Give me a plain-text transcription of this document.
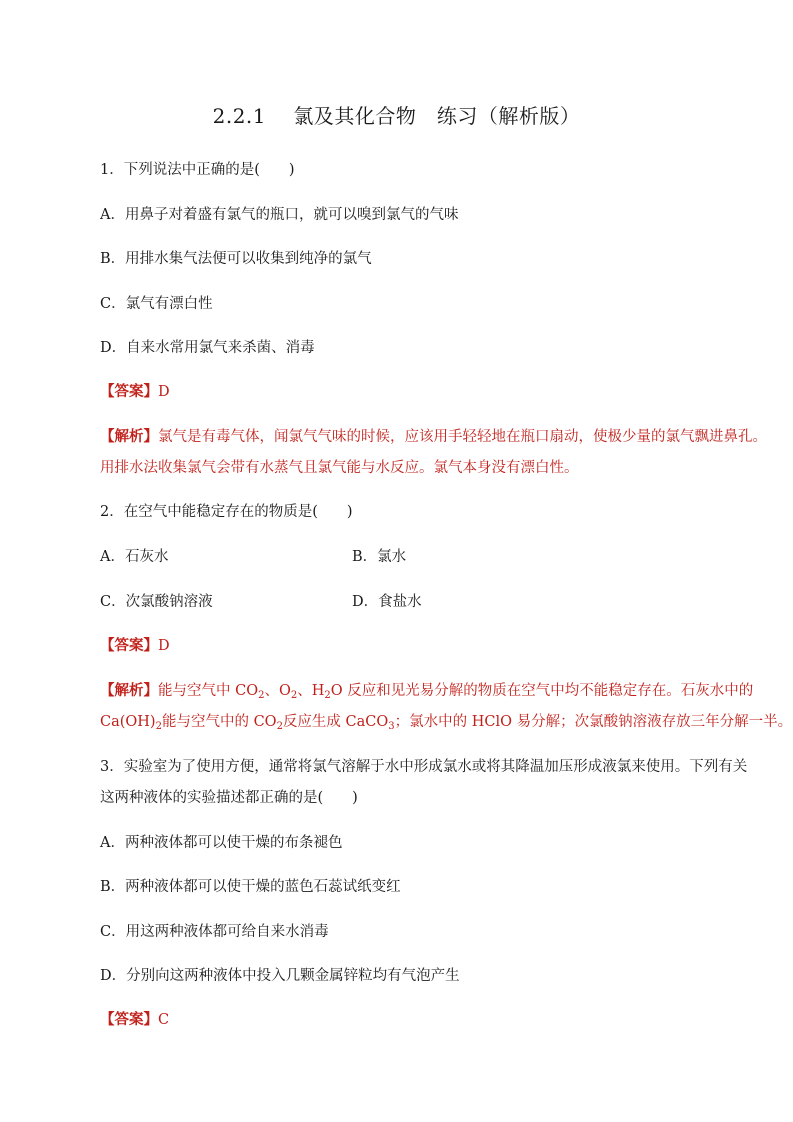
2.2.1　 氯及其化合物　练习（解析版）
1．下列说法中正确的是(　　)
A．用鼻子对着盛有氯气的瓶口，就可以嗅到氯气的气味
B．用排水集气法便可以收集到纯净的氯气
C．氯气有漂白性
D．自来水常用氯气来杀菌、消毒
【答案】D
【解析】氯气是有毒气体，闻氯气气味的时候，应该用手轻轻地在瓶口扇动，使极少量的氯气飘进鼻孔。
用排水法收集氯气会带有水蒸气且氯气能与水反应。氯气本身没有漂白性。
2．在空气中能稳定存在的物质是(　　)
A．石灰水	B．氯水
C．次氯酸钠溶液	D．食盐水
【答案】D
【解析】能与空气中 $CO_2$、$O_2$、$H_2O$ 反应和见光易分解的物质在空气中均不能稳定存在。石灰水中的
$Ca(OH)_2$能与空气中的 $CO_2$反应生成 CaCO$_3$；氯水中的 HClO 易分解；次氯酸钠溶液存放三年分解一半。
3．实验室为了使用方便，通常将氯气溶解于水中形成氯水或将其降温加压形成液氯来使用。下列有关
这两种液体的实验描述都正确的是(　　)
A．两种液体都可以使干燥的布条褪色
B．两种液体都可以使干燥的蓝色石蕊试纸变红
C．用这两种液体都可给自来水消毒
D．分别向这两种液体中投入几颗金属锌粒均有气泡产生
【答案】C
